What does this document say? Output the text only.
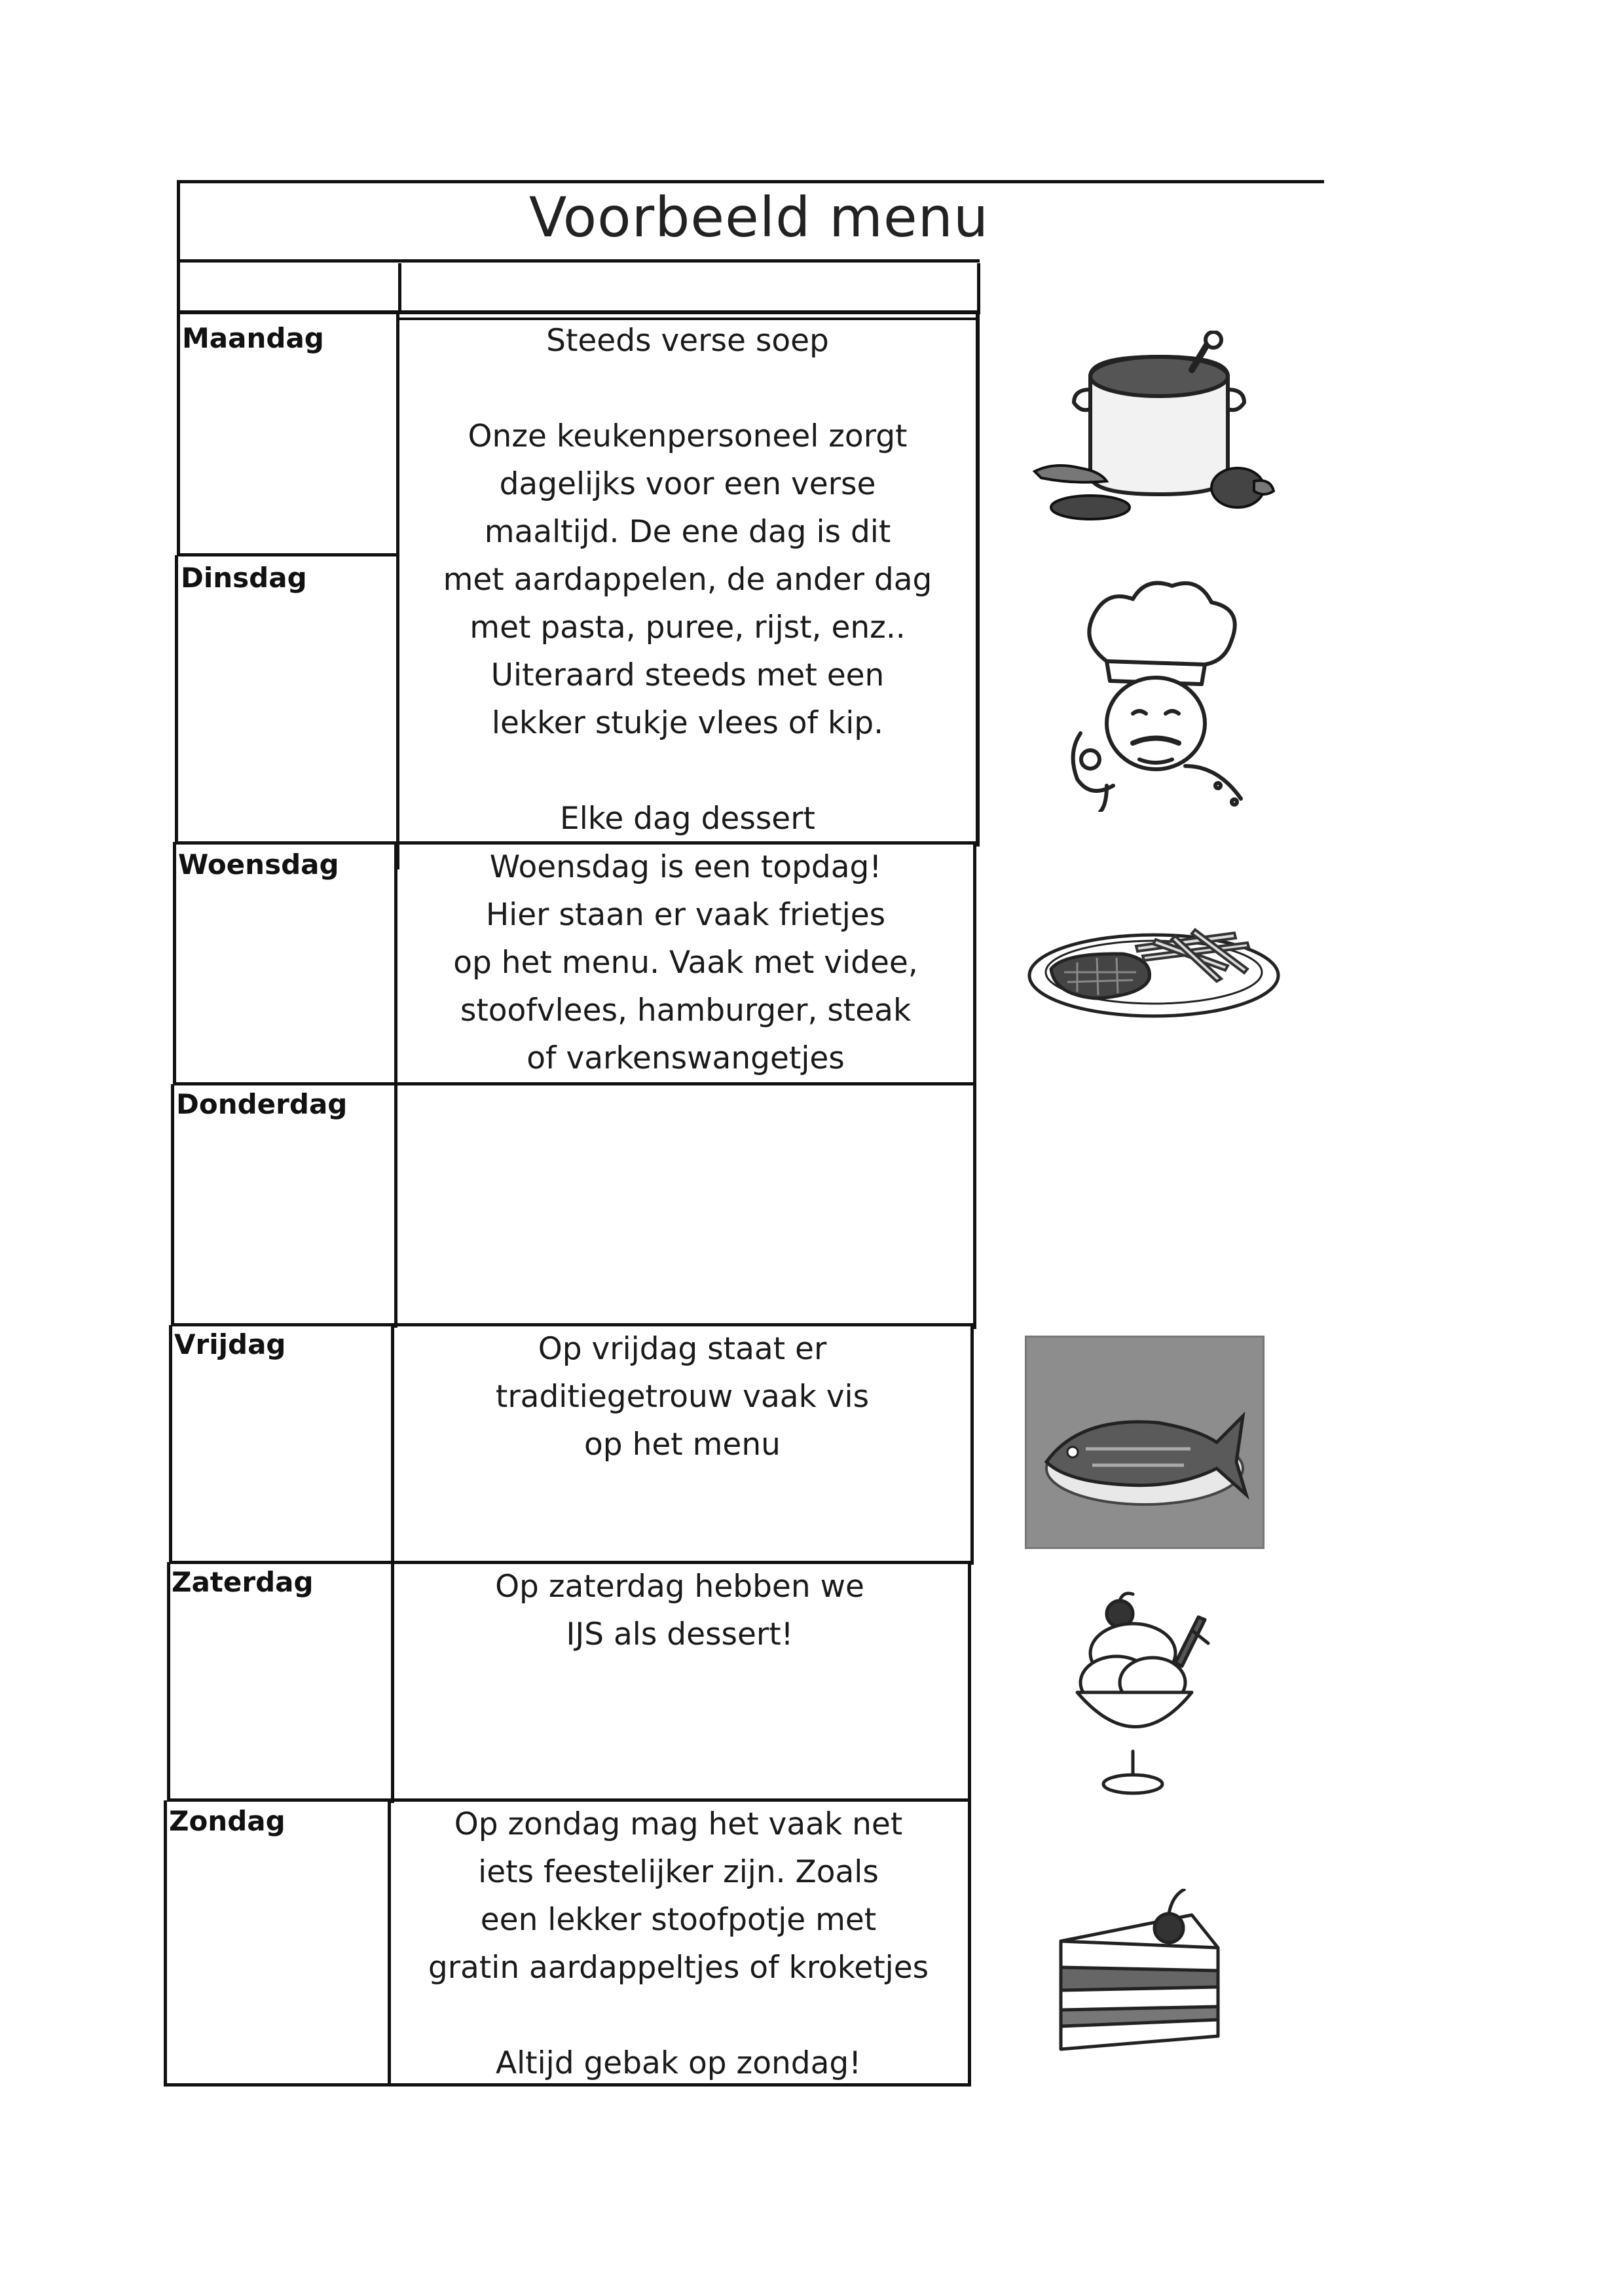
Voorbeeld menu
Maandag
Dinsdag
Woensdag
Donderdag
Vrijdag
Zaterdag
Zondag
Steeds verse soep
Onze keukenpersoneel zorgt
dagelijks voor een verse
maaltijd. De ene dag is dit
met aardappelen, de ander dag
met pasta, puree, rijst, enz..
Uiteraard steeds met een
lekker stukje vlees of kip.
Elke dag dessert
Woensdag is een topdag!
Hier staan er vaak frietjes
op het menu. Vaak met videe,
stoofvlees, hamburger, steak
of varkenswangetjes
Op vrijdag staat er
traditiegetrouw vaak vis
op het menu
Op zaterdag hebben we
IJS als dessert!
Op zondag mag het vaak net
iets feestelijker zijn. Zoals
een lekker stoofpotje met
gratin aardappeltjes of kroketjes
Altijd gebak op zondag!
